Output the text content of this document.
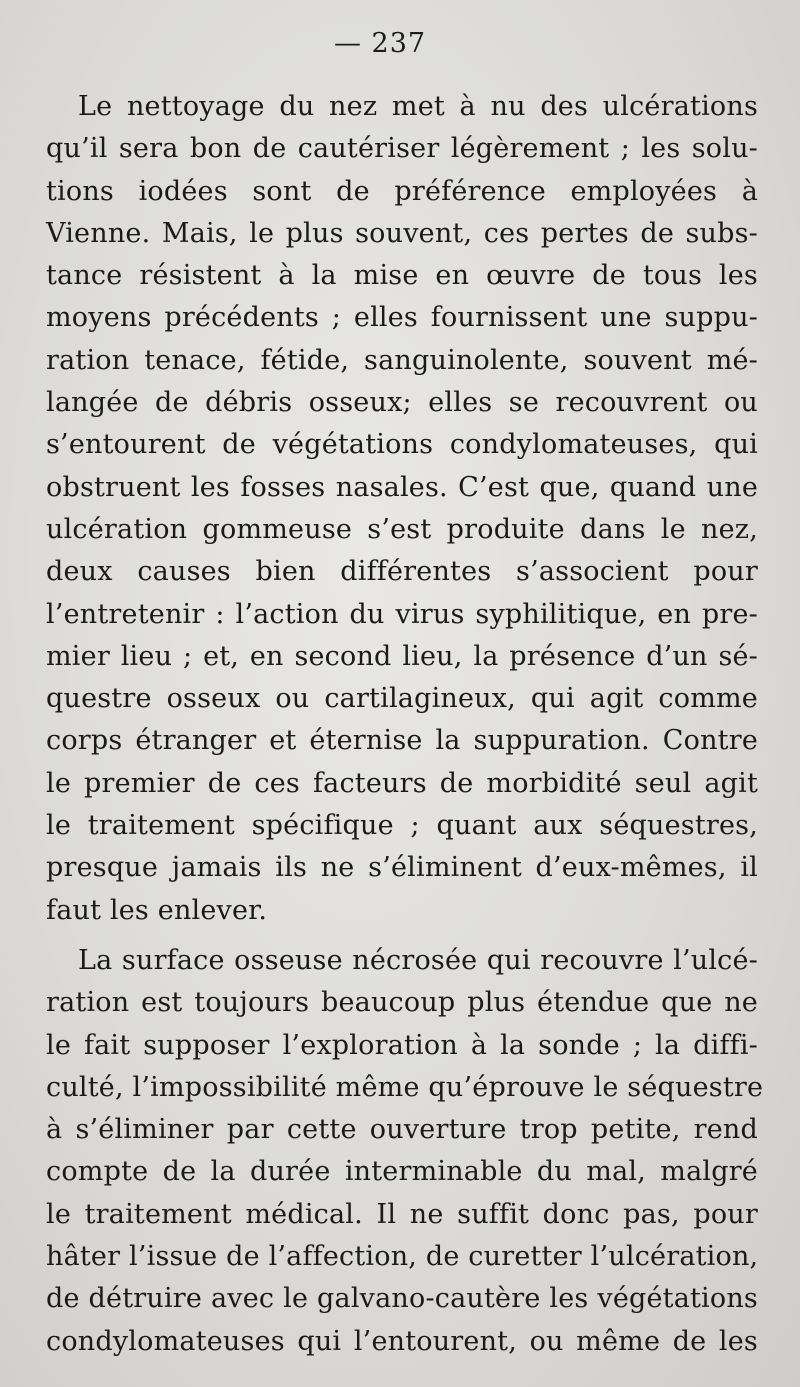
— 237
Le nettoyage du nez met à nu des ulcérations
qu’il sera bon de cautériser légèrement ; les solu-
tions iodées sont de préférence employées à
Vienne. Mais, le plus souvent, ces pertes de subs-
tance résistent à la mise en œuvre de tous les
moyens précédents ; elles fournissent une suppu-
ration tenace, fétide, sanguinolente, souvent mé-
langée de débris osseux; elles se recouvrent ou
s’entourent de végétations condylomateuses, qui
obstruent les fosses nasales. C’est que, quand une
ulcération gommeuse s’est produite dans le nez,
deux causes bien différentes s’associent pour
l’entretenir : l’action du virus syphilitique, en pre-
mier lieu ; et, en second lieu, la présence d’un sé-
questre osseux ou cartilagineux, qui agit comme
corps étranger et éternise la suppuration. Contre
le premier de ces facteurs de morbidité seul agit
le traitement spécifique ; quant aux séquestres,
presque jamais ils ne s’éliminent d’eux-mêmes, il
faut les enlever.
La surface osseuse nécrosée qui recouvre l’ulcé-
ration est toujours beaucoup plus étendue que ne
le fait supposer l’exploration à la sonde ; la diffi-
culté, l’impossibilité même qu’éprouve le séquestre
à s’éliminer par cette ouverture trop petite, rend
compte de la durée interminable du mal, malgré
le traitement médical. Il ne suffit donc pas, pour
hâter l’issue de l’affection, de curetter l’ulcération,
de détruire avec le galvano-cautère les végétations
condylomateuses qui l’entourent, ou même de les
